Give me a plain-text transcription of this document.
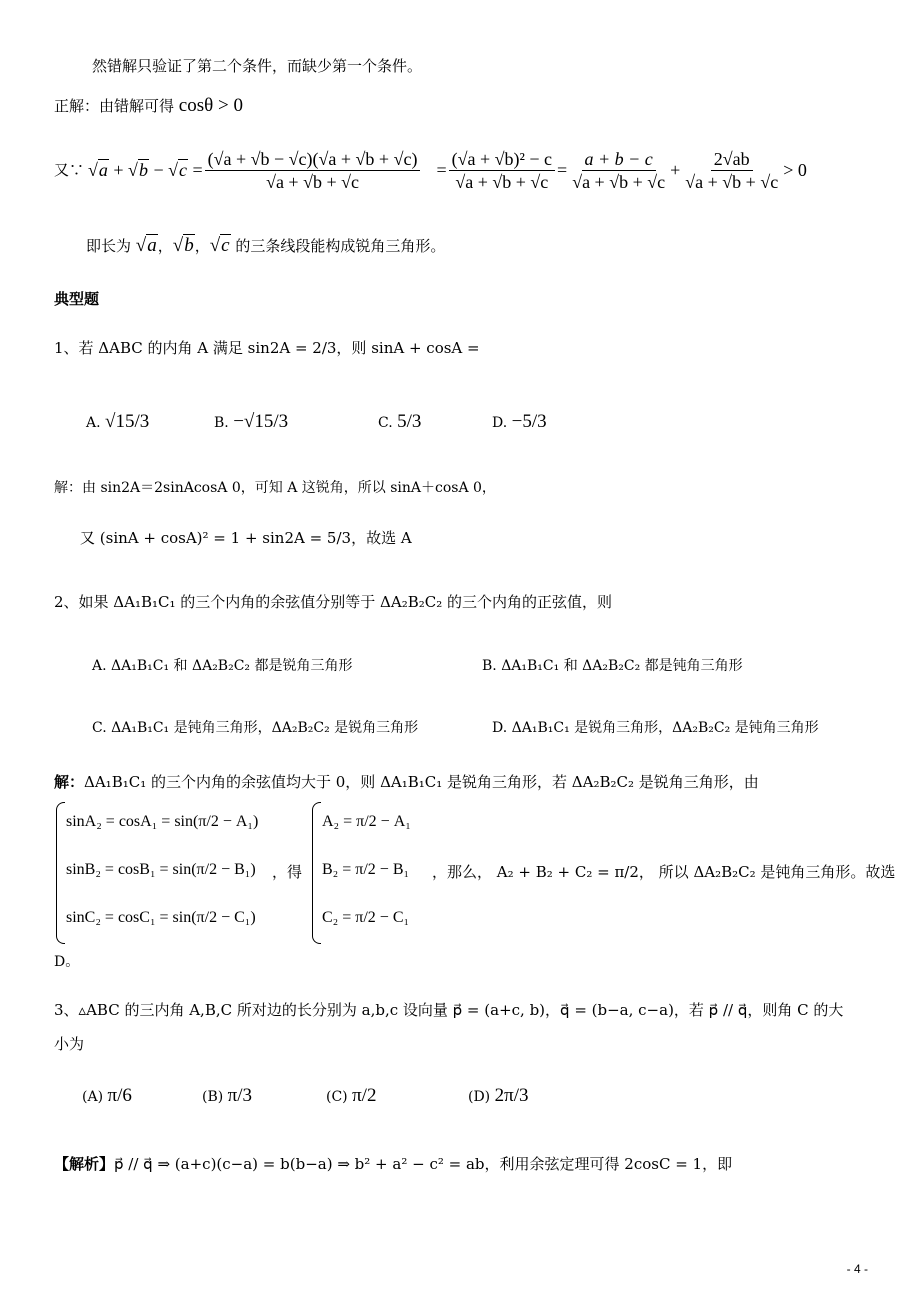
然错解只验证了第二个条件，而缺少第一个条件。
正解：由错解可得 cosθ > 0
又∵ $√a + √b - √c = \frac{(√a + √b - √c)(√a + √b + √c)}{√a + √b + √c} = \frac{\text{(√a + √b)² − c}}{√a + √b + √c} = \frac{a + b - c}{√a + √b + √c} + \frac{2√ab}{√a + √b + √c} > 0$
即长为 √a，√b，√c 的三条线段能构成锐角三角形。
典型题
1、若 ΔABC 的内角 A 满足 sin2A = 2/3，则 sinA + cosA =
A. √15/3	B. −√15/3	C. 5/3	D. −5/3
解：由 sin2A＝2sinAcosA 0，可知 A 这锐角，所以 sinA＋cosA 0，
又 (sinA + cosA)² = 1 + sin2A = 5/3，故选 A
2、如果 ΔA₁B₁C₁ 的三个内角的余弦值分别等于 ΔA₂B₂C₂ 的三个内角的正弦值，则
A. ΔA₁B₁C₁ 和 ΔA₂B₂C₂ 都是锐角三角形	B. ΔA₁B₁C₁ 和 ΔA₂B₂C₂ 都是钝角三角形
C. ΔA₁B₁C₁ 是钝角三角形，ΔA₂B₂C₂ 是锐角三角形	D. ΔA₁B₁C₁ 是锐角三角形，ΔA₂B₂C₂ 是钝角三角形
解：ΔA₁B₁C₁ 的三个内角的余弦值均大于 0，则 ΔA₁B₁C₁ 是锐角三角形，若 ΔA₂B₂C₂ 是锐角三角形，由
sinA₂ = cosA₁ = sin(π/2 − A₁)
sinB₂ = cosB₁ = sin(π/2 − B₁)
sinC₂ = cosC₁ = sin(π/2 − C₁)
，得
A₂ = π/2 − A₁
B₂ = π/2 − B₁
C₂ = π/2 − C₁
，那么， A₂ + B₂ + C₂ = π/2， 所以 ΔA₂B₂C₂ 是钝角三角形。故选
D。
3、▵ABC 的三内角 A,B,C 所对边的长分别为 a,b,c 设向量 p⃗ = (a+c, b)，q⃗ = (b−a, c−a)，若 p⃗ // q⃗，则角 C 的大
小为
(A) π/6	(B) π/3	(C) π/2	(D) 2π/3
【解析】p⃗ // q⃗ ⇒ (a+c)(c−a) = b(b−a) ⇒ b² + a² − c² = ab，利用余弦定理可得 2cosC = 1，即
- 4 -
